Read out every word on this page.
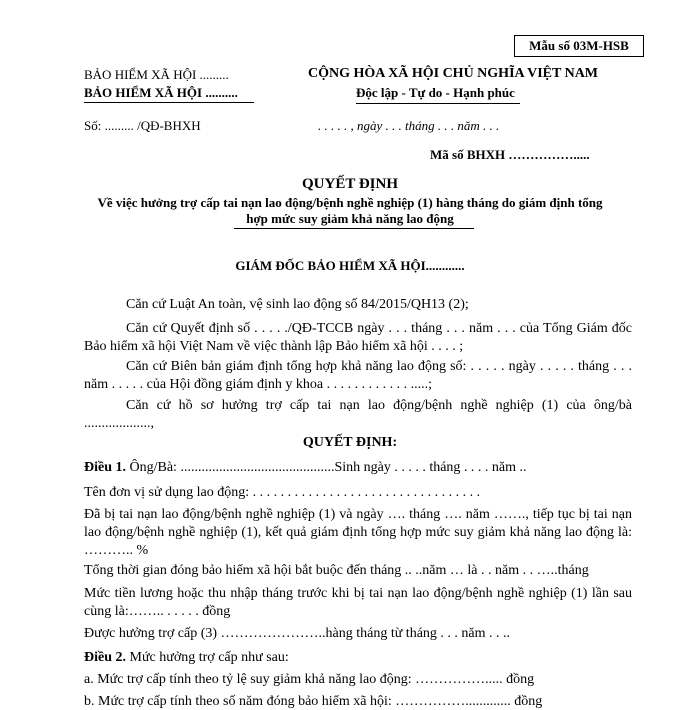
Mẫu số 03M-HSB
BẢO HIỂM XÃ HỘI .........
BẢO HIỂM XÃ HỘI ..........
CỘNG HÒA XÃ HỘI CHỦ NGHĨA VIỆT NAM
Độc lập - Tự do - Hạnh phúc
Số: ......... /QĐ-BHXH	. . . . . , ngày . . . tháng . . . năm . . .
Mã số BHXH …………….....
QUYẾT ĐỊNH
Về việc hưởng trợ cấp tai nạn lao động/bệnh nghề nghiệp (1) hàng tháng do giám định tổng
hợp mức suy giảm khả năng lao động
GIÁM ĐỐC BẢO HIỂM XÃ HỘI............
Căn cứ Luật An toàn, vệ sinh lao động số 84/2015/QH13 (2);
Căn cứ Quyết định số . . . . ./QĐ-TCCB ngày . . . tháng . . . năm . . . của Tổng Giám đốc Bảo hiểm xã hội Việt Nam về việc thành lập Bảo hiểm xã hội . . . . ;
Căn cứ Biên bản giám định tổng hợp khả năng lao động số: . . . . . ngày . . . . . tháng . . . năm . . . . . của Hội đồng giám định y khoa . . . . . . . . . . . . .....;
Căn cứ hồ sơ hưởng trợ cấp tai nạn lao động/bệnh nghề nghiệp (1) của ông/bà ...................,
QUYẾT ĐỊNH:
Điều 1. Ông/Bà: ............................................Sinh ngày . . . . . tháng . . . . năm ..
Tên đơn vị sử dụng lao động: . . . . . . . . . . . . . . . . . . . . . . . . . . . . . . . . .
Đã bị tai nạn lao động/bệnh nghề nghiệp (1) và ngày …. tháng …. năm ……., tiếp tục bị tai nạn lao động/bệnh nghề nghiệp (1), kết quả giám định tổng hợp mức suy giảm khả năng lao động là: ……….. %
Tổng thời gian đóng bảo hiểm xã hội bắt buộc đến tháng .. ..năm … là . . năm . . …..tháng
Mức tiền lương hoặc thu nhập tháng trước khi bị tai nạn lao động/bệnh nghề nghiệp (1) lần sau cùng là:…….. . . . . . đồng
Được hưởng trợ cấp (3) …………………..hàng tháng từ tháng . . . năm . . ..
Điều 2. Mức hưởng trợ cấp như sau:
a. Mức trợ cấp tính theo tỷ lệ suy giảm khả năng lao động: ……………..... đồng
b. Mức trợ cấp tính theo số năm đóng bảo hiểm xã hội: ……………............. đồng
